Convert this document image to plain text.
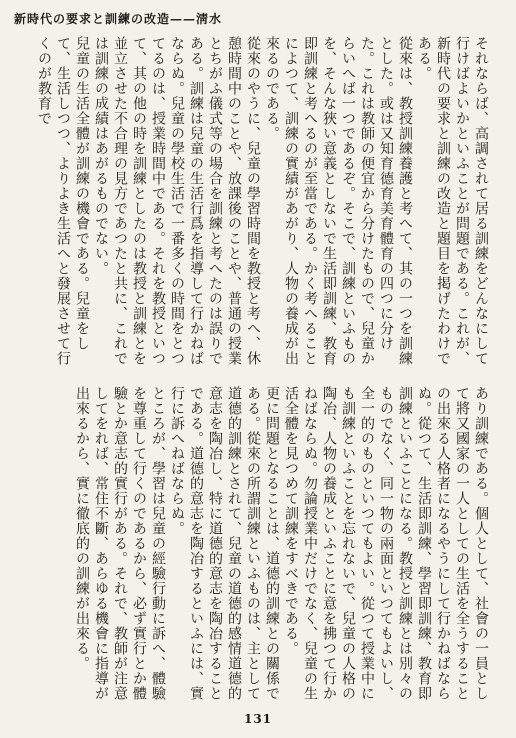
新時代の要求と訓練の改造——淸水

それならば、高調されて居る訓練をどんなにして行けばよいかといふことが問題である。これが、新時代の要求と訓練の改造と題目を掲げたわけである。

從來は、教授訓練養護と考へて、其の一つを訓練とした。或は又知育德育美育體育の四つに分けた。これは教師の便宜から分けたもので、兒童からいへば一つであるぞ。そこで、訓練といふものを、そんな狹い意義としないで生活即訓練、教育即訓練と考へるのが至當である。かく考へることによつて、訓練の實績があがり、人物の養成が出來るのである。

從來のやうに、兒童の學習時間を教授と考へ、休憩時間中のことや、放課後のことや、普通の授業とちがふ儀式等の場合を訓練と考へたのは誤りである。訓練は兒童の生活行爲を指導して行かねばならぬ。兒童の學校生活で一番多くの時間をとつてるのは、授業時間中である。それを教授といつて、其の他の時を訓練としたのは教授と訓練とを並立させた不合理の見方であつたと共に、これでは訓練の成績はあがるものでない。

兒童の生活全體が訓練の機會である。兒童をして、生活しつつ、よりよき生活へと發展させて行くのが教育で

あり訓練である。個人として、社會の一員として將又國家の一人としての生活を全うすることの出來る人格者になるやうにして行かねばならぬ。從つて、生活即訓練、學習即訓練、教育即訓練といふことになる。教授と訓練とは別々のものでなく、同一物の兩面といつてもよいし、全一的のものといつてもよい。從つて授業中にも訓練といふことを忘れないで、兒童の人格の陶冶、人物の養成といふことに意を拂つて行かねばならぬ。勿論授業中だけでなく、兒童の生活全體を見つめて訓練をすべきである。

更に問題となることは、道德的訓練との關係である。從來の所謂訓練といふものは、主として道德的訓練とされて、兒童の道德的感情道德的意志を陶冶し、特に道德的意志を陶冶することである。道德的意志を陶冶するといふには、實行に訴へねばならぬ。

ところが、學習は兒童の經驗行動に訴へ、體驗を尊重して行くのであるから、必ず實行とか體驗とか意志的實行がある。それで、教師が注意してをれば、常住不斷、あらゆる機會に指導が出來るから、實に徹底的の訓練が出來る。

131
